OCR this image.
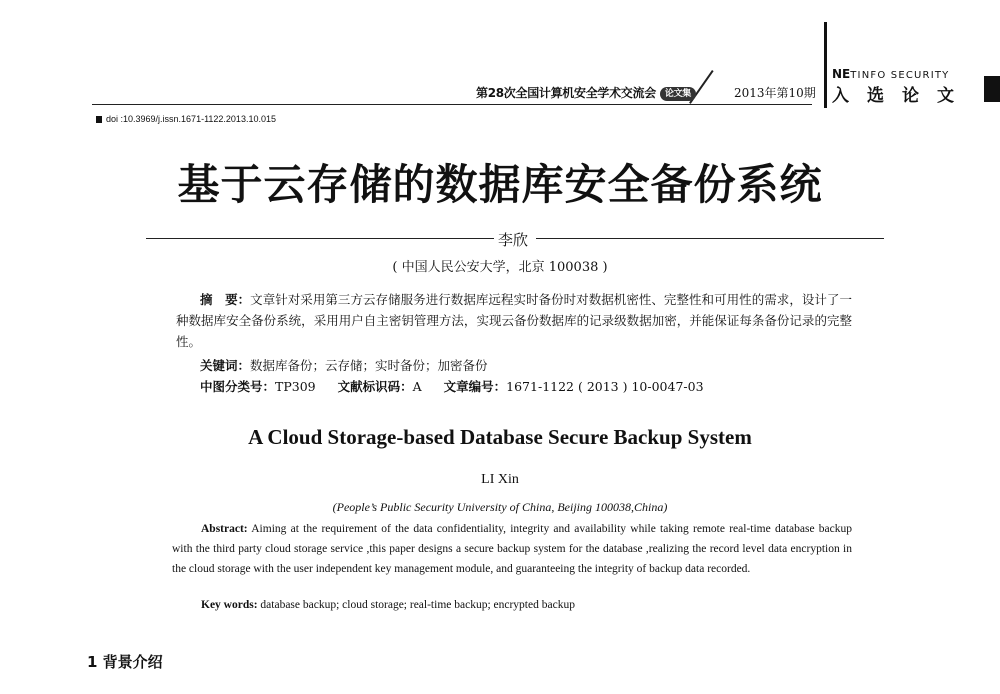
第28次全国计算机安全学术交流会 论文集	2013年第10期
NETINFO SECURITY
入选论文
doi :10.3969/j.issn.1671-1122.2013.10.015
基于云存储的数据库安全备份系统
李欣
( 中国人民公安大学，北京 100038 )
摘　要：文章针对采用第三方云存储服务进行数据库远程实时备份时对数据机密性、完整性和可用性的需求，设计了一种数据库安全备份系统，采用用户自主密钥管理方法，实现云备份数据库的记录级数据加密，并能保证每条备份记录的完整性。
关键词：数据库备份；云存储；实时备份；加密备份
中图分类号：TP309 文献标识码：A 文章编号：1671-1122 ( 2013 ) 10-0047-03
A Cloud Storage-based Database Secure Backup System
LI Xin
(People’s Public Security University of China, Beijing 100038,China)
Abstract: Aiming at the requirement of the data confidentiality, integrity and availability while taking remote real-time database backup with the third party cloud storage service ,this paper designs a secure backup system for the database ,realizing the record level data encryption in the cloud storage with the user independent key management module, and guaranteeing the integrity of backup data recorded.
Key words: database backup; cloud storage; real-time backup; encrypted backup
1 背景介绍
